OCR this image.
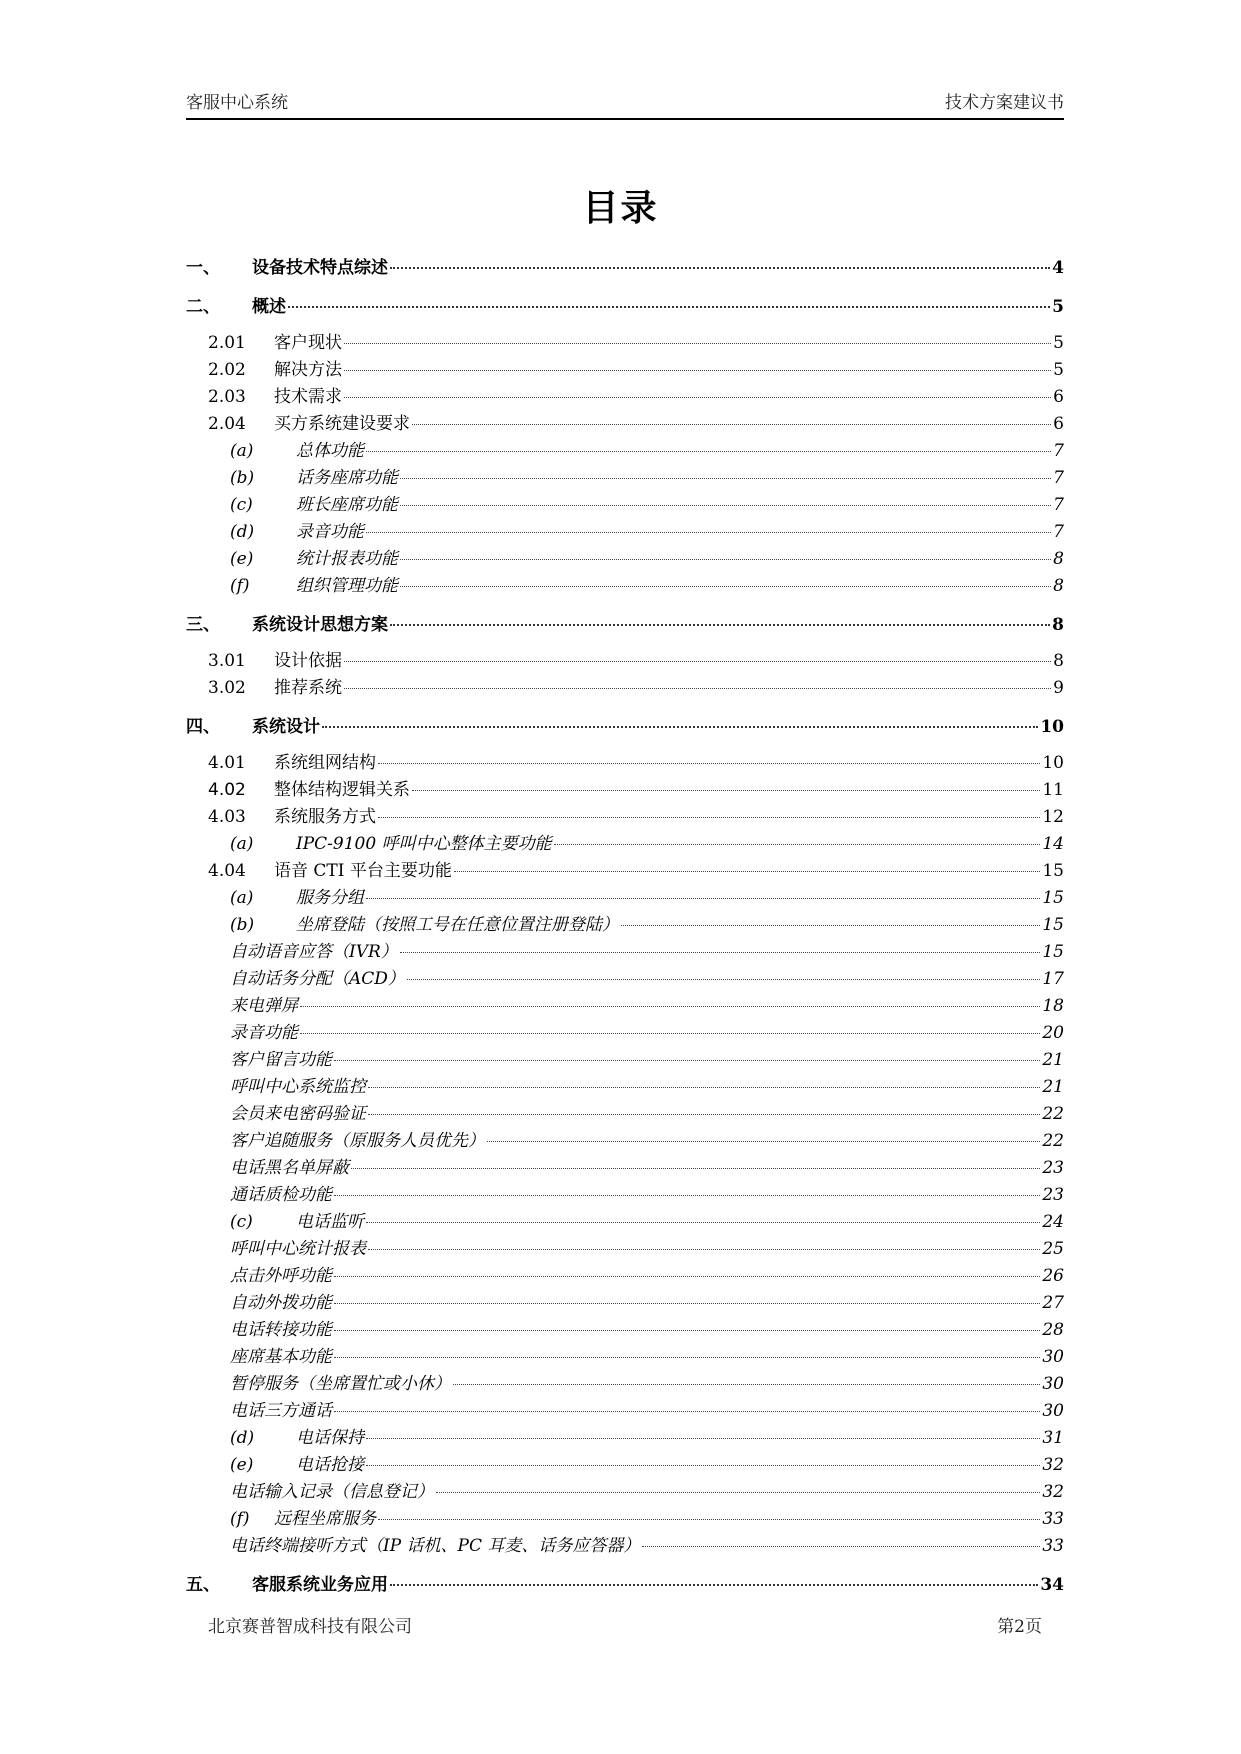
客服中心系统	技术方案建议书
目录
一、	设备技术特点综述	4
二、	概述	5
2.01	客户现状	5
2.02	解决方法	5
2.03	技术需求	6
2.04	买方系统建设要求	6
(a)	总体功能	7
(b)	话务座席功能	7
(c)	班长座席功能	7
(d)	录音功能	7
(e)	统计报表功能	8
(f)	组织管理功能	8
三、	系统设计思想方案	8
3.01	设计依据	8
3.02	推荐系统	9
四、	系统设计	10
4.01	系统组网结构	10
4.02	整体结构逻辑关系	11
4.03	系统服务方式	12
(a)	IPC-9100 呼叫中心整体主要功能	14
4.04	语音 CTI 平台主要功能	15
(a)	服务分组	15
(b)	坐席登陆（按照工号在任意位置注册登陆）	15
自动语音应答（IVR）	15
自动话务分配（ACD）	17
来电弹屏	18
录音功能	20
客户留言功能	21
呼叫中心系统监控	21
会员来电密码验证	22
客户追随服务（原服务人员优先）	22
电话黑名单屏蔽	23
通话质检功能	23
(c)	电话监听	24
呼叫中心统计报表	25
点击外呼功能	26
自动外拨功能	27
电话转接功能	28
座席基本功能	30
暂停服务（坐席置忙或小休）	30
电话三方通话	30
(d)	电话保持	31
(e)	电话抢接	32
电话输入记录（信息登记）	32
(f)	远程坐席服务	33
电话终端接听方式（IP 话机、PC 耳麦、话务应答器）	33
五、	客服系统业务应用	34
北京赛普智成科技有限公司	第2页
